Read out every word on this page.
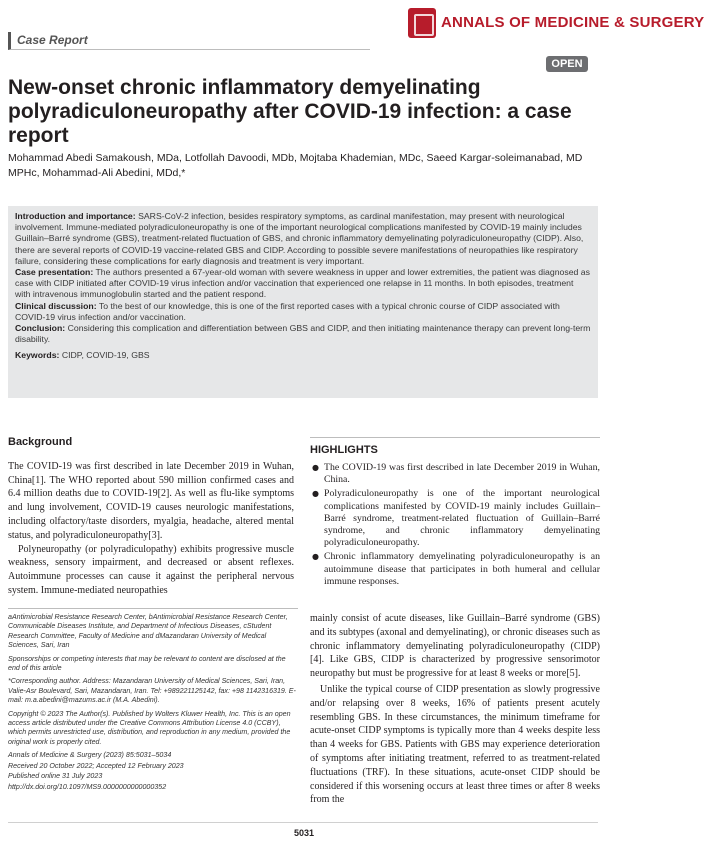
ANNALS OF MEDICINE & SURGERY
Case Report
OPEN
New-onset chronic inflammatory demyelinating polyradiculoneuropathy after COVID-19 infection: a case report
Mohammad Abedi Samakoush, MDa, Lotfollah Davoodi, MDb, Mojtaba Khademian, MDc, Saeed Kargar-soleimanabad, MD MPHc, Mohammad-Ali Abedini, MDd,*

Introduction and importance: SARS-CoV-2 infection, besides respiratory symptoms, as cardinal manifestation, may present with neurological involvement. Immune-mediated polyradiculoneuropathy is one of the important neurological complications manifested by COVID-19 mainly includes Guillain–Barré syndrome (GBS), treatment-related fluctuation of GBS, and chronic inflammatory demyelinating polyradiculoneuropathy (CIDP). Also, there are several reports of COVID-19 vaccine-related GBS and CIDP. According to possible severe manifestations of neuropathies like respiratory failure, considering these complications for early diagnosis and treatment is very important.

Case presentation: The authors presented a 67-year-old woman with severe weakness in upper and lower extremities, the patient was diagnosed as case with CIDP initiated after COVID-19 virus infection and/or vaccination that experienced one relapse in 11 months. In both episodes, treatment with intravenous immunoglobulin started and the patient respond.

Clinical discussion: To the best of our knowledge, this is one of the first reported cases with a typical chronic course of CIDP associated with COVID-19 virus infection and/or vaccination.

Conclusion: Considering this complication and differentiation between GBS and CIDP, and then initiating maintenance therapy can prevent long-term disability.

Keywords: CIDP, COVID-19, GBS

Background

The COVID-19 was first described in late December 2019 in Wuhan, China[1]. The WHO reported about 590 million confirmed cases and 6.4 million deaths due to COVID-19[2]. As well as flu-like symptoms and lung involvement, COVID-19 causes neurologic manifestations, including olfactory/taste disorders, myalgia, headache, altered mental status, and polyradiculoneuropathy[3].

Polyneuropathy (or polyradiculopathy) exhibits progressive muscle weakness, sensory impairment, and decreased or absent reflexes. Autoimmune processes can cause it against the peripheral nervous system. Immune-mediated neuropathies

HIGHLIGHTS
● The COVID-19 was first described in late December 2019 in Wuhan, China.
● Polyradiculoneuropathy is one of the important neurological complications manifested by COVID-19 mainly includes Guillain–Barré syndrome, treatment-related fluctuation of Guillain–Barré syndrome, and chronic inflammatory demyelinating polyradiculoneuropathy.
● Chronic inflammatory demyelinating polyradiculoneuropathy is an autoimmune disease that participates in both humeral and cellular immune responses.
aAntimicrobial Resistance Research Center, bAntimicrobial Resistance Research Center, Communicable Diseases Institute, and Department of Infectious Diseases, cStudent Research Committee, Faculty of Medicine and dMazandaran University of Medical Sciences, Sari, Iran
Sponsorships or competing interests that may be relevant to content are disclosed at the end of this article
*Corresponding author. Address: Mazandaran University of Medical Sciences, Sari, Iran, Valie-Asr Boulevard, Sari, Mazandaran, Iran. Tel: +989221125142, fax: +98 1142316319. E-mail: m.a.abedini@mazums.ac.ir (M.A. Abedini).
Copyright © 2023 The Author(s). Published by Wolters Kluwer Health, Inc. This is an open access article distributed under the Creative Commons Attribution License 4.0 (CCBY), which permits unrestricted use, distribution, and reproduction in any medium, provided the original work is properly cited.
Annals of Medicine & Surgery (2023) 85:5031–5034
Received 20 October 2022; Accepted 12 February 2023
Published online 31 July 2023
http://dx.doi.org/10.1097/MS9.0000000000000352

mainly consist of acute diseases, like Guillain–Barré syndrome (GBS) and its subtypes (axonal and demyelinating), or chronic diseases such as chronic inflammatory demyelinating polyradiculoneuropathy (CIDP)[4]. Like GBS, CIDP is characterized by progressive sensorimotor neuropathy but must be progressive for at least 8 weeks or more[5].

Unlike the typical course of CIDP presentation as slowly progressive and/or relapsing over 8 weeks, 16% of patients present acutely resembling GBS. In these circumstances, the minimum timeframe for acute-onset CIDP symptoms is typically more than 4 weeks despite less than 4 weeks for GBS. Patients with GBS may experience deterioration of symptoms after initiating treatment, referred to as treatment-related fluctuations (TRF). In these situations, acute-onset CIDP should be considered if this worsening occurs at least three times or after 8 weeks from the

5031
